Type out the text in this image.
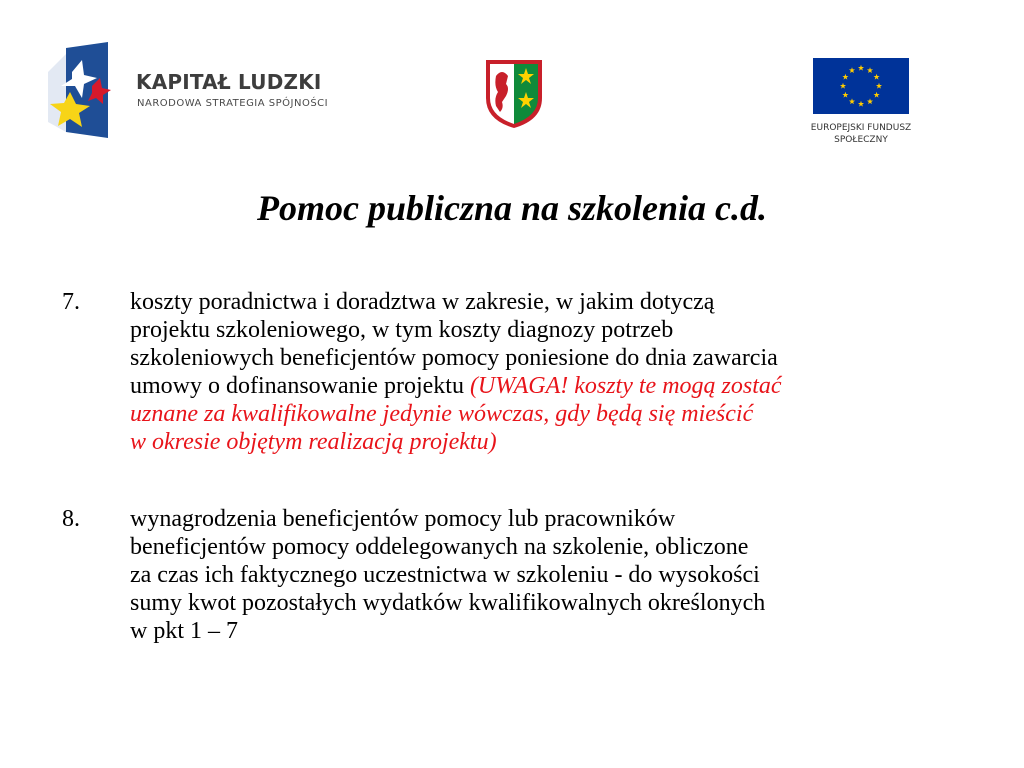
KAPITAŁ LUDZKI
NARODOWA STRATEGIA SPÓJNOŚCI
EUROPEJSKI FUNDUSZ
SPOŁECZNY
Pomoc publiczna na szkolenia c.d.
7. koszty poradnictwa i doradztwa w zakresie, w jakim dotyczą
projektu szkoleniowego, w tym koszty diagnozy potrzeb
szkoleniowych beneficjentów pomocy poniesione do dnia zawarcia
umowy o dofinansowanie projektu (UWAGA! koszty te mogą zostać
uznane za kwalifikowalne jedynie wówczas, gdy będą się mieścić
w okresie objętym realizacją projektu)
8. wynagrodzenia beneficjentów pomocy lub pracowników
beneficjentów pomocy oddelegowanych na szkolenie, obliczone
za czas ich faktycznego uczestnictwa w szkoleniu - do wysokości
sumy kwot pozostałych wydatków kwalifikowalnych określonych
w pkt 1 – 7
